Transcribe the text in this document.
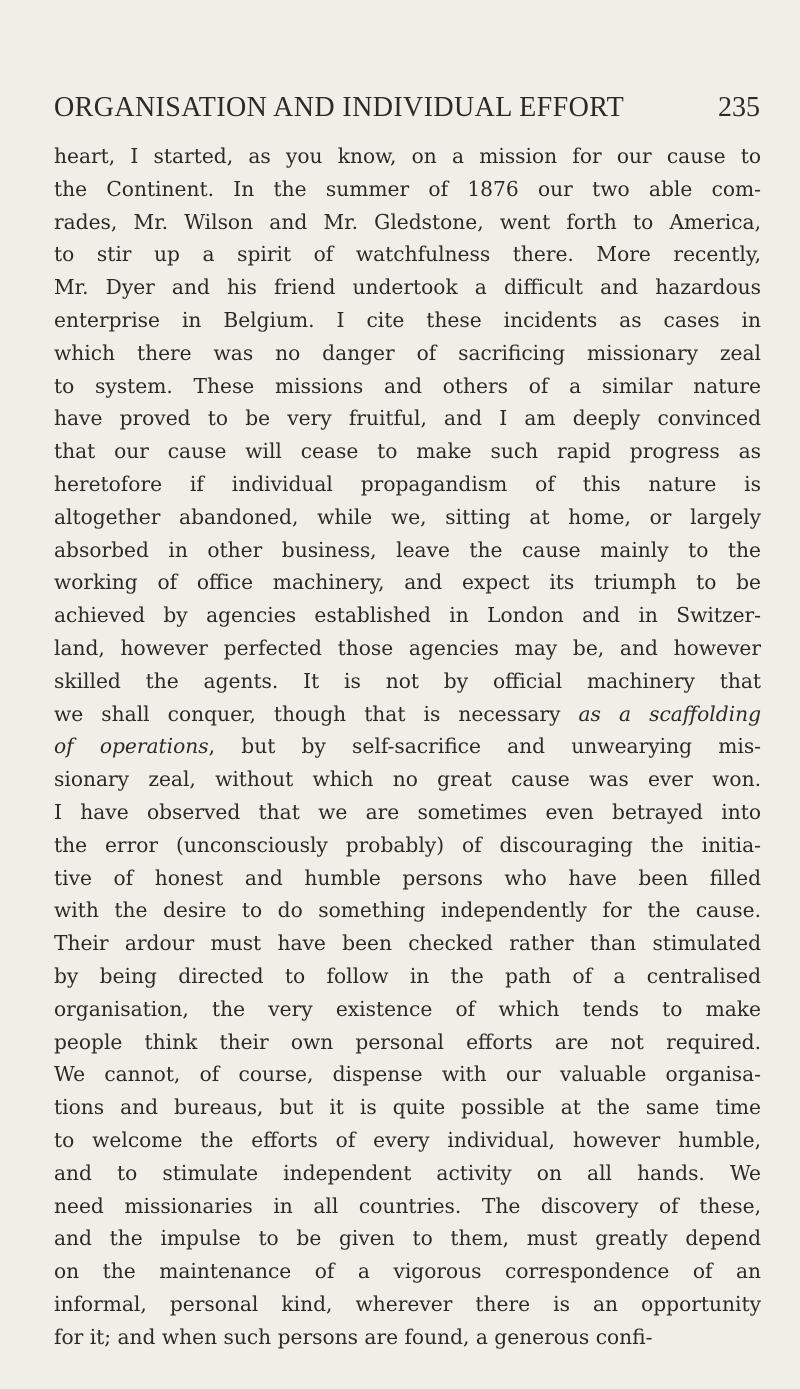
ORGANISATION AND INDIVIDUAL EFFORT	235
heart, I started, as you know, on a mission for our cause to
the Continent. In the summer of 1876 our two able com-
rades, Mr. Wilson and Mr. Gledstone, went forth to America,
to stir up a spirit of watchfulness there. More recently,
Mr. Dyer and his friend undertook a difficult and hazardous
enterprise in Belgium. I cite these incidents as cases in
which there was no danger of sacrificing missionary zeal
to system. These missions and others of a similar nature
have proved to be very fruitful, and I am deeply convinced
that our cause will cease to make such rapid progress as
heretofore if individual propagandism of this nature is
altogether abandoned, while we, sitting at home, or largely
absorbed in other business, leave the cause mainly to the
working of office machinery, and expect its triumph to be
achieved by agencies established in London and in Switzer-
land, however perfected those agencies may be, and however
skilled the agents. It is not by official machinery that
we shall conquer, though that is necessary as a scaffolding
of operations, but by self-sacrifice and unwearying mis-
sionary zeal, without which no great cause was ever won.
I have observed that we are sometimes even betrayed into
the error (unconsciously probably) of discouraging the initia-
tive of honest and humble persons who have been filled
with the desire to do something independently for the cause.
Their ardour must have been checked rather than stimulated
by being directed to follow in the path of a centralised
organisation, the very existence of which tends to make
people think their own personal efforts are not required.
We cannot, of course, dispense with our valuable organisa-
tions and bureaus, but it is quite possible at the same time
to welcome the efforts of every individual, however humble,
and to stimulate independent activity on all hands. We
need missionaries in all countries. The discovery of these,
and the impulse to be given to them, must greatly depend
on the maintenance of a vigorous correspondence of an
informal, personal kind, wherever there is an opportunity
for it; and when such persons are found, a generous confi-
